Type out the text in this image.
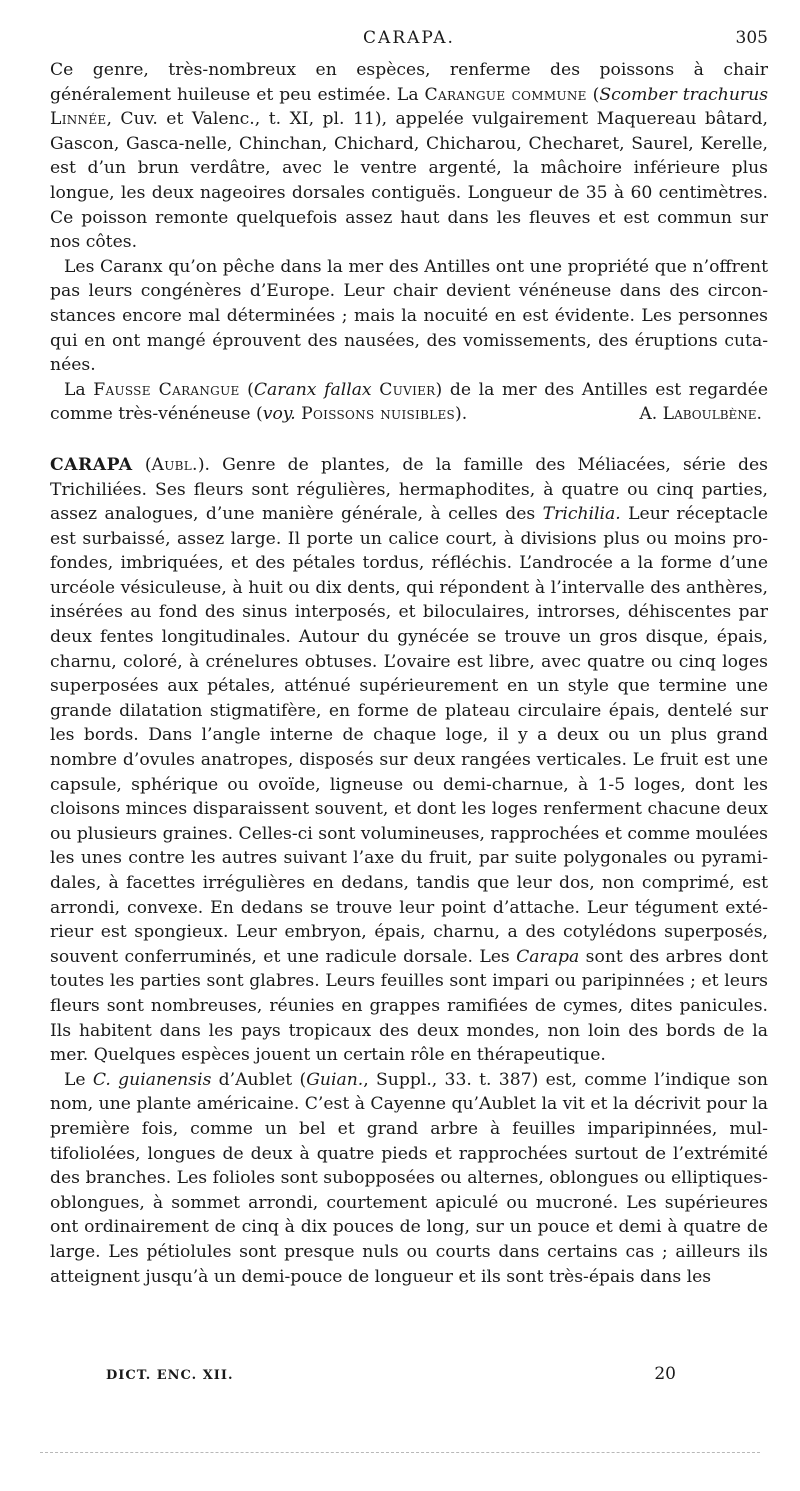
CARAPA.	305

Ce genre, très-nombreux en espèces, renferme des poissons à chair généralement huileuse et peu estimée. La Carangue commune (Scomber trachurus Linnée, Cuv. et Valenc., t. XI, pl. 11), appelée vulgairement Maquereau bâtard, Gascon, Gasca-nelle, Chinchan, Chichard, Chicharou, Checharet, Saurel, Kerelle, est d’un brun verdâtre, avec le ventre argenté, la mâchoire inférieure plus longue, les deux nageoires dorsales contiguës. Longueur de 35 à 60 centimètres. Ce poisson remonte quelquefois assez haut dans les fleuves et est commun sur nos côtes.

Les Caranx qu’on pêche dans la mer des Antilles ont une propriété que n’offrent pas leurs congénères d’Europe. Leur chair devient vénéneuse dans des circon-stances encore mal déterminées ; mais la nocuité en est évidente. Les personnes qui en ont mangé éprouvent des nausées, des vomissements, des éruptions cuta-nées.

La Fausse Carangue (Caranx fallax Cuvier) de la mer des Antilles est regardée comme très-vénéneuse (voy. Poissons nuisibles).	A. Laboulbène.

CARAPA (Aubl.). Genre de plantes, de la famille des Méliacées, série des Trichiliées. Ses fleurs sont régulières, hermaphodites, à quatre ou cinq parties, assez analogues, d’une manière générale, à celles des Trichilia. Leur réceptacle est surbaissé, assez large. Il porte un calice court, à divisions plus ou moins pro-fondes, imbriquées, et des pétales tordus, réfléchis. L’androcée a la forme d’une urcéole vésiculeuse, à huit ou dix dents, qui répondent à l’intervalle des anthères, insérées au fond des sinus interposés, et biloculaires, introrses, déhiscentes par deux fentes longitudinales. Autour du gynécée se trouve un gros disque, épais, charnu, coloré, à crénelures obtuses. L’ovaire est libre, avec quatre ou cinq loges superposées aux pétales, atténué supérieurement en un style que termine une grande dilatation stigmatifère, en forme de plateau circulaire épais, dentelé sur les bords. Dans l’angle interne de chaque loge, il y a deux ou un plus grand nombre d’ovules anatropes, disposés sur deux rangées verticales. Le fruit est une capsule, sphérique ou ovoïde, ligneuse ou demi-charnue, à 1-5 loges, dont les cloisons minces disparaissent souvent, et dont les loges renferment chacune deux ou plusieurs graines. Celles-ci sont volumineuses, rapprochées et comme moulées les unes contre les autres suivant l’axe du fruit, par suite polygonales ou pyrami-dales, à facettes irrégulières en dedans, tandis que leur dos, non comprimé, est arrondi, convexe. En dedans se trouve leur point d’attache. Leur tégument exté-rieur est spongieux. Leur embryon, épais, charnu, a des cotylédons superposés, souvent conferruminés, et une radicule dorsale. Les Carapa sont des arbres dont toutes les parties sont glabres. Leurs feuilles sont impari ou paripinnées ; et leurs fleurs sont nombreuses, réunies en grappes ramifiées de cymes, dites panicules. Ils habitent dans les pays tropicaux des deux mondes, non loin des bords de la mer. Quelques espèces jouent un certain rôle en thérapeutique.

Le C. guianensis d’Aublet (Guian., Suppl., 33. t. 387) est, comme l’indique son nom, une plante américaine. C’est à Cayenne qu’Aublet la vit et la décrivit pour la première fois, comme un bel et grand arbre à feuilles imparipinnées, mul-tifoliolées, longues de deux à quatre pieds et rapprochées surtout de l’extrémité des branches. Les folioles sont subopposées ou alternes, oblongues ou elliptiques-oblongues, à sommet arrondi, courtement apiculé ou mucroné. Les supérieures ont ordinairement de cinq à dix pouces de long, sur un pouce et demi à quatre de large. Les pétiolules sont presque nuls ou courts dans certains cas ; ailleurs ils atteignent jusqu’à un demi-pouce de longueur et ils sont très-épais dans les

DICT. ENC. XII.	20
